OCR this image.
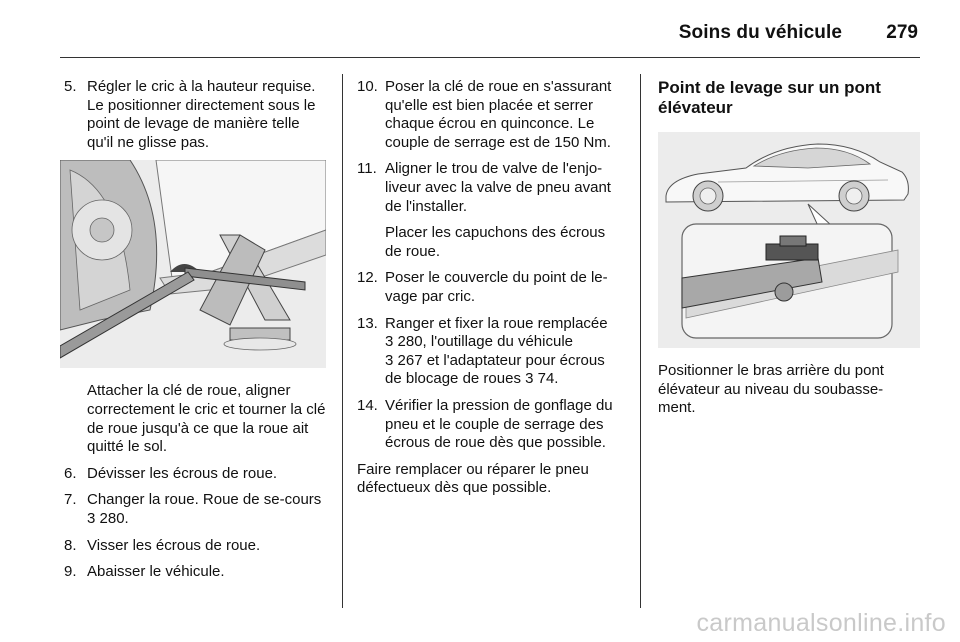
Soins du véhicule 279
5. Régler le cric à la hauteur requise. Le positionner directement sous le point de levage de manière telle qu'il ne glisse pas.
Attacher la clé de roue, aligner correctement le cric et tourner la clé de roue jusqu'à ce que la roue ait quitté le sol.
6. Dévisser les écrous de roue.
7. Changer la roue. Roue de se-cours 3 280.
8. Visser les écrous de roue.
9. Abaisser le véhicule.
10. Poser la clé de roue en s'assurant qu'elle est bien placée et serrer chaque écrou en quinconce. Le couple de serrage est de 150 Nm.
11. Aligner le trou de valve de l'enjo-liveur avec la valve de pneu avant de l'installer.
Placer les capuchons des écrous de roue.
12. Poser le couvercle du point de le-vage par cric.
13. Ranger et fixer la roue remplacée
3 280, l'outillage du véhicule
3 267 et l'adaptateur pour écrous de blocage de roues 3 74.
14. Vérifier la pression de gonflage du pneu et le couple de serrage des écrous de roue dès que possible.
Faire remplacer ou réparer le pneu défectueux dès que possible.
Point de levage sur un pont élévateur
Positionner le bras arrière du pont élévateur au niveau du soubasse-ment.
carmanualsonline.info
